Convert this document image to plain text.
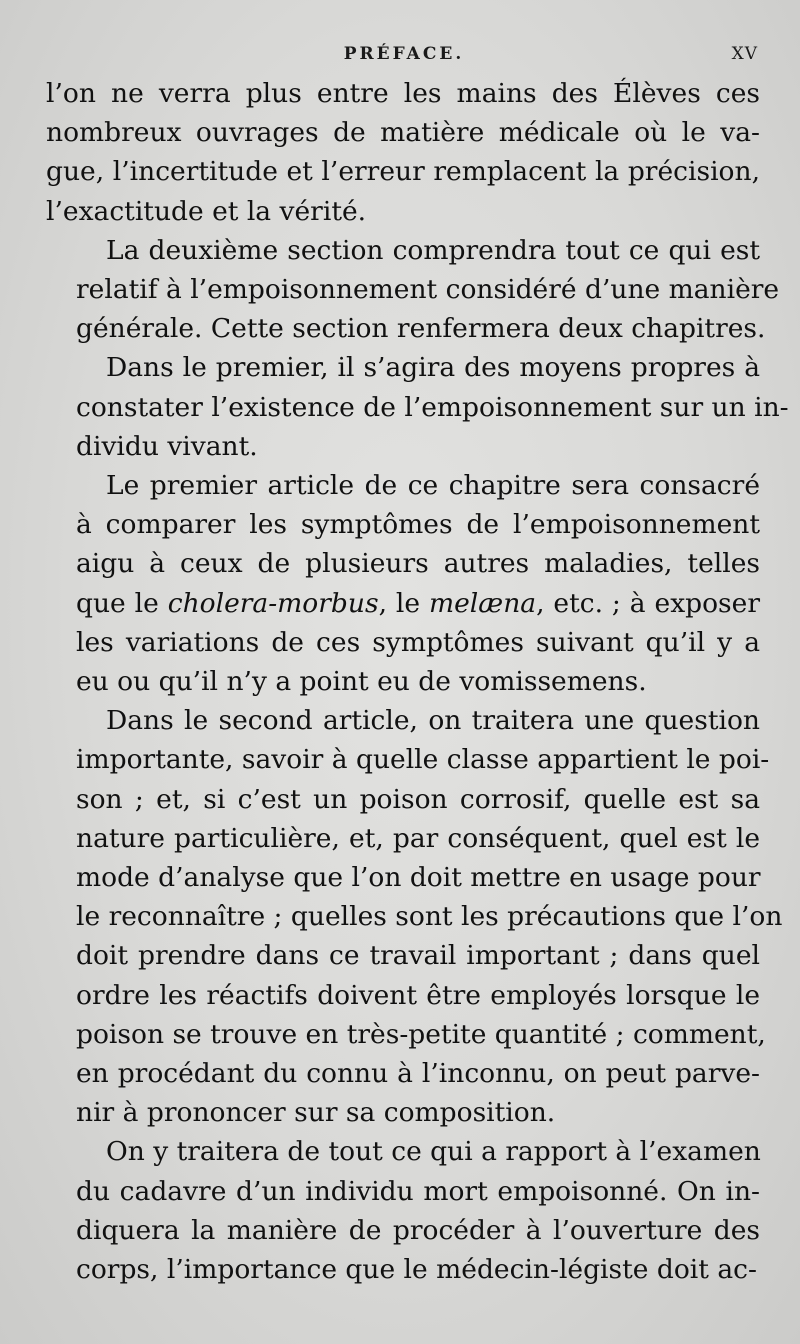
PRÉFACE.	XV
l’on ne verra plus entre les mains des Élèves ces
nombreux ouvrages de matière médicale où le va-
gue, l’incertitude et l’erreur remplacent la précision,
l’exactitude et la vérité.
La deuxième section comprendra tout ce qui est
relatif à l’empoisonnement considéré d’une manière
générale. Cette section renfermera deux chapitres.
Dans le premier, il s’agira des moyens propres à
constater l’existence de l’empoisonnement sur un in-
dividu vivant.
Le premier article de ce chapitre sera consacré
à comparer les symptômes de l’empoisonnement
aigu à ceux de plusieurs autres maladies, telles
que le cholera-morbus, le melæna, etc. ; à exposer
les variations de ces symptômes suivant qu’il y a
eu ou qu’il n’y a point eu de vomissemens.
Dans le second article, on traitera une question
importante, savoir à quelle classe appartient le poi-
son ; et, si c’est un poison corrosif, quelle est sa
nature particulière, et, par conséquent, quel est le
mode d’analyse que l’on doit mettre en usage pour
le reconnaître ; quelles sont les précautions que l’on
doit prendre dans ce travail important ; dans quel
ordre les réactifs doivent être employés lorsque le
poison se trouve en très-petite quantité ; comment,
en procédant du connu à l’inconnu, on peut parve-
nir à prononcer sur sa composition.
On y traitera de tout ce qui a rapport à l’examen
du cadavre d’un individu mort empoisonné. On in-
diquera la manière de procéder à l’ouverture des
corps, l’importance que le médecin-légiste doit ac-
